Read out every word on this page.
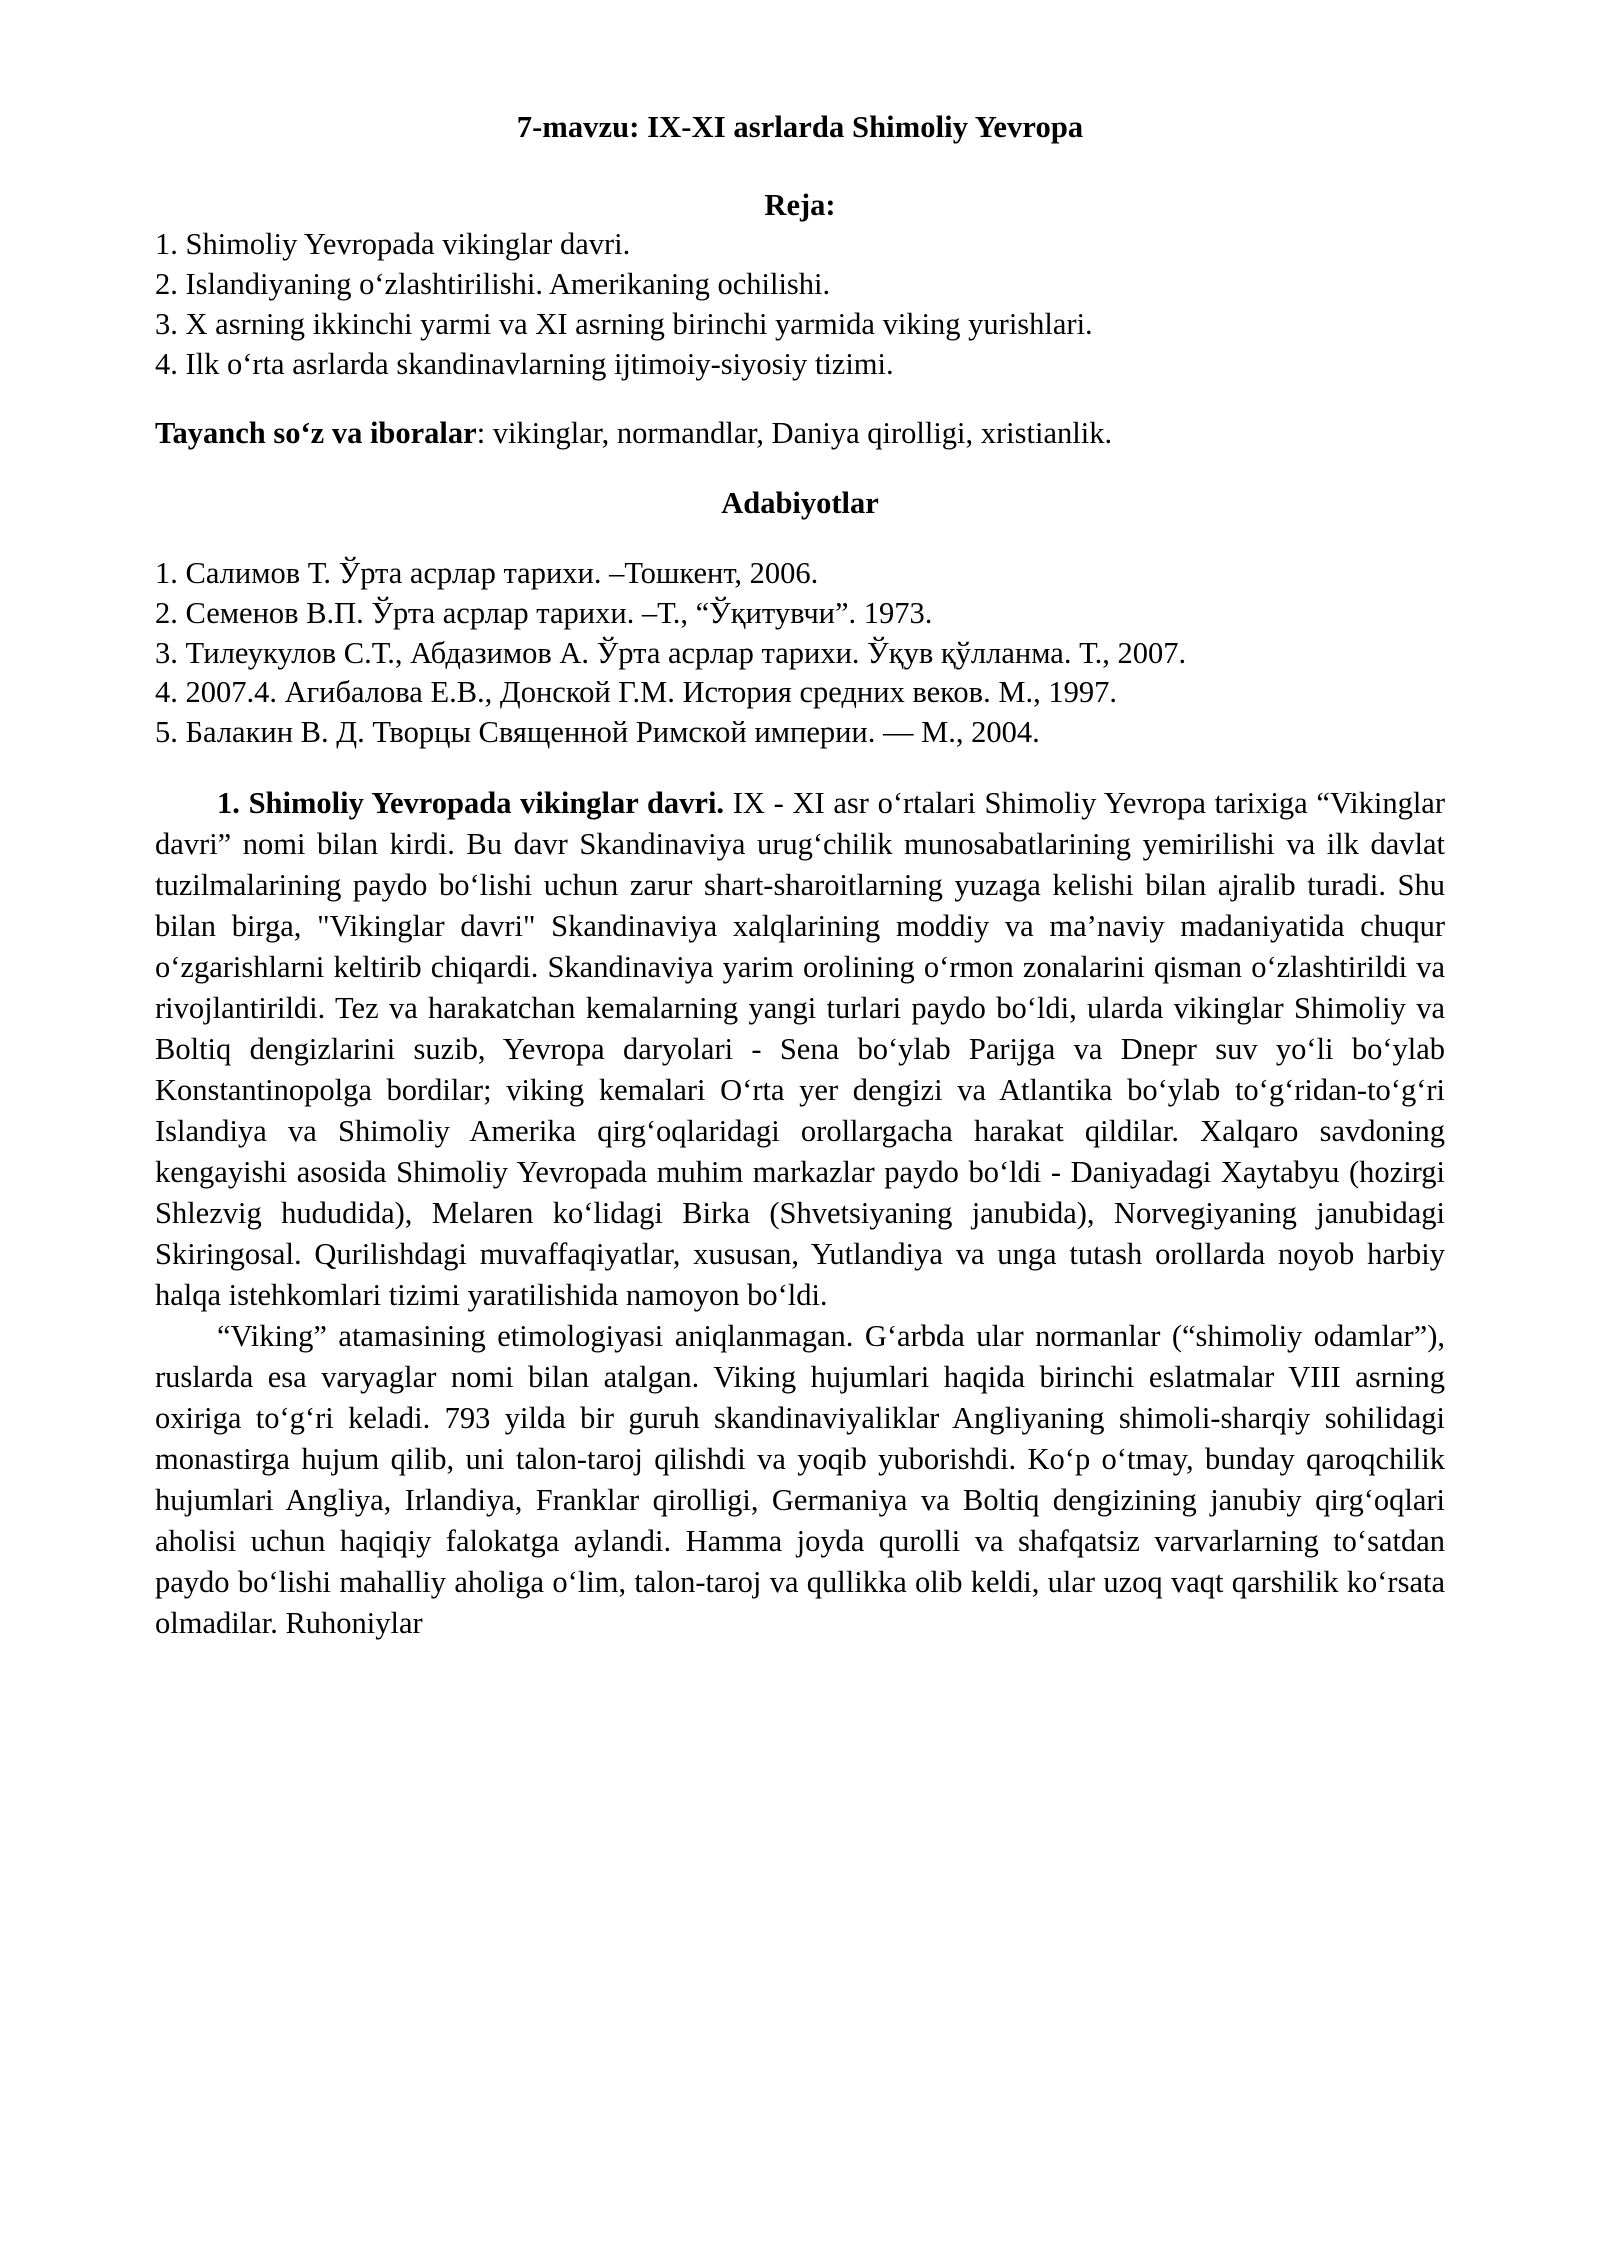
7-mavzu: IX-XI asrlarda Shimoliy Yevropa
Reja:
1. Shimoliy Yevropada vikinglar davri.
2. Islandiyaning o‘zlashtirilishi. Amerikaning ochilishi.
3. X asrning ikkinchi yarmi va XI asrning birinchi yarmida viking yurishlari.
4. Ilk o‘rta asrlarda skandinavlarning ijtimoiy-siyosiy tizimi.
Tayanch so‘z va iboralar: vikinglar, normandlar, Daniya qirolligi, xristianlik.
Adabiyotlar
1. Салимов Т. Ўрта асрлар тарихи. –Тошкент, 2006.
2. Семенов В.П. Ўрта асрлар тарихи. –Т., “Ўқитувчи”. 1973.
3. Тилеукулов С.Т., Абдазимов А. Ўрта асрлар тарихи. Ўқув қўлланма. Т., 2007.
4. 2007.4. Агибалова Е.В., Донской Г.М. История средних веков. М., 1997.
5. Балакин В. Д. Творцы Священной Римской империи. — М., 2004.

1. Shimoliy Yevropada vikinglar davri. IX - XI asr o‘rtalari Shimoliy Yevropa tarixiga “Vikinglar davri” nomi bilan kirdi. Bu davr Skandinaviya urug‘chilik munosabatlarining yemirilishi va ilk davlat tuzilmalarining paydo bo‘lishi uchun zarur shart-sharoitlarning yuzaga kelishi bilan ajralib turadi. Shu bilan birga, "Vikinglar davri" Skandinaviya xalqlarining moddiy va ma’naviy madaniyatida chuqur o‘zgarishlarni keltirib chiqardi. Skandinaviya yarim orolining o‘rmon zonalarini qisman o‘zlashtirildi va rivojlantirildi. Tez va harakatchan kemalarning yangi turlari paydo bo‘ldi, ularda vikinglar Shimoliy va Boltiq dengizlarini suzib, Yevropa daryolari - Sena bo‘ylab Parijga va Dnepr suv yo‘li bo‘ylab Konstantinopolga bordilar; viking kemalari O‘rta yer dengizi va Atlantika bo‘ylab to‘g‘ridan-to‘g‘ri Islandiya va Shimoliy Amerika qirg‘oqlaridagi orollargacha harakat qildilar. Xalqaro savdoning kengayishi asosida Shimoliy Yevropada muhim markazlar paydo bo‘ldi - Daniyadagi Xaytabyu (hozirgi Shlezvig hududida), Melaren ko‘lidagi Birka (Shvetsiyaning janubida), Norvegiyaning janubidagi Skiringosal. Qurilishdagi muvaffaqiyatlar, xususan, Yutlandiya va unga tutash orollarda noyob harbiy halqa istehkomlari tizimi yaratilishida namoyon bo‘ldi.

“Viking” atamasining etimologiyasi aniqlanmagan. G‘arbda ular normanlar (“shimoliy odamlar”), ruslarda esa varyaglar nomi bilan atalgan. Viking hujumlari haqida birinchi eslatmalar VIII asrning oxiriga to‘g‘ri keladi. 793 yilda bir guruh skandinaviyaliklar Angliyaning shimoli-sharqiy sohilidagi monastirga hujum qilib, uni talon-taroj qilishdi va yoqib yuborishdi. Ko‘p o‘tmay, bunday qaroqchilik hujumlari Angliya, Irlandiya, Franklar qirolligi, Germaniya va Boltiq dengizining janubiy qirg‘oqlari aholisi uchun haqiqiy falokatga aylandi. Hamma joyda qurolli va shafqatsiz varvarlarning to‘satdan paydo bo‘lishi mahalliy aholiga o‘lim, talon-taroj va qullikka olib keldi, ular uzoq vaqt qarshilik ko‘rsata olmadilar. Ruhoniylar
